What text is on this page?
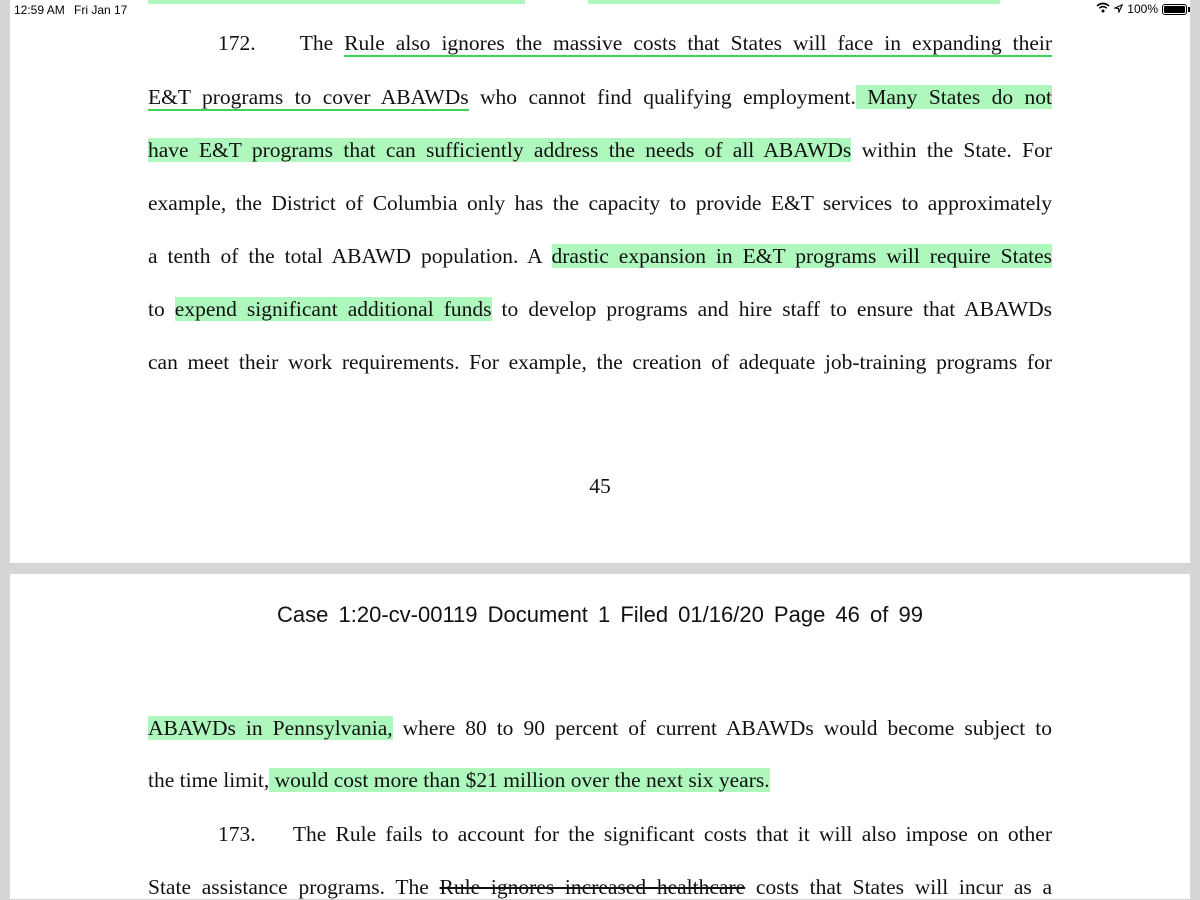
12:59 AM Fri Jan 17	100%
172. The Rule also ignores the massive costs that States will face in expanding their
E&T programs to cover ABAWDs who cannot find qualifying employment. Many States do not
have E&T programs that can sufficiently address the needs of all ABAWDs within the State. For
example, the District of Columbia only has the capacity to provide E&T services to approximately
a tenth of the total ABAWD population. A drastic expansion in E&T programs will require States
to expend significant additional funds to develop programs and hire staff to ensure that ABAWDs
can meet their work requirements. For example, the creation of adequate job-training programs for
45
Case 1:20-cv-00119 Document 1 Filed 01/16/20 Page 46 of 99
ABAWDs in Pennsylvania, where 80 to 90 percent of current ABAWDs would become subject to
the time limit, would cost more than $21 million over the next six years.
173. The Rule fails to account for the significant costs that it will also impose on other
State assistance programs. The Rule ignores increased healthcare costs that States will incur as a
